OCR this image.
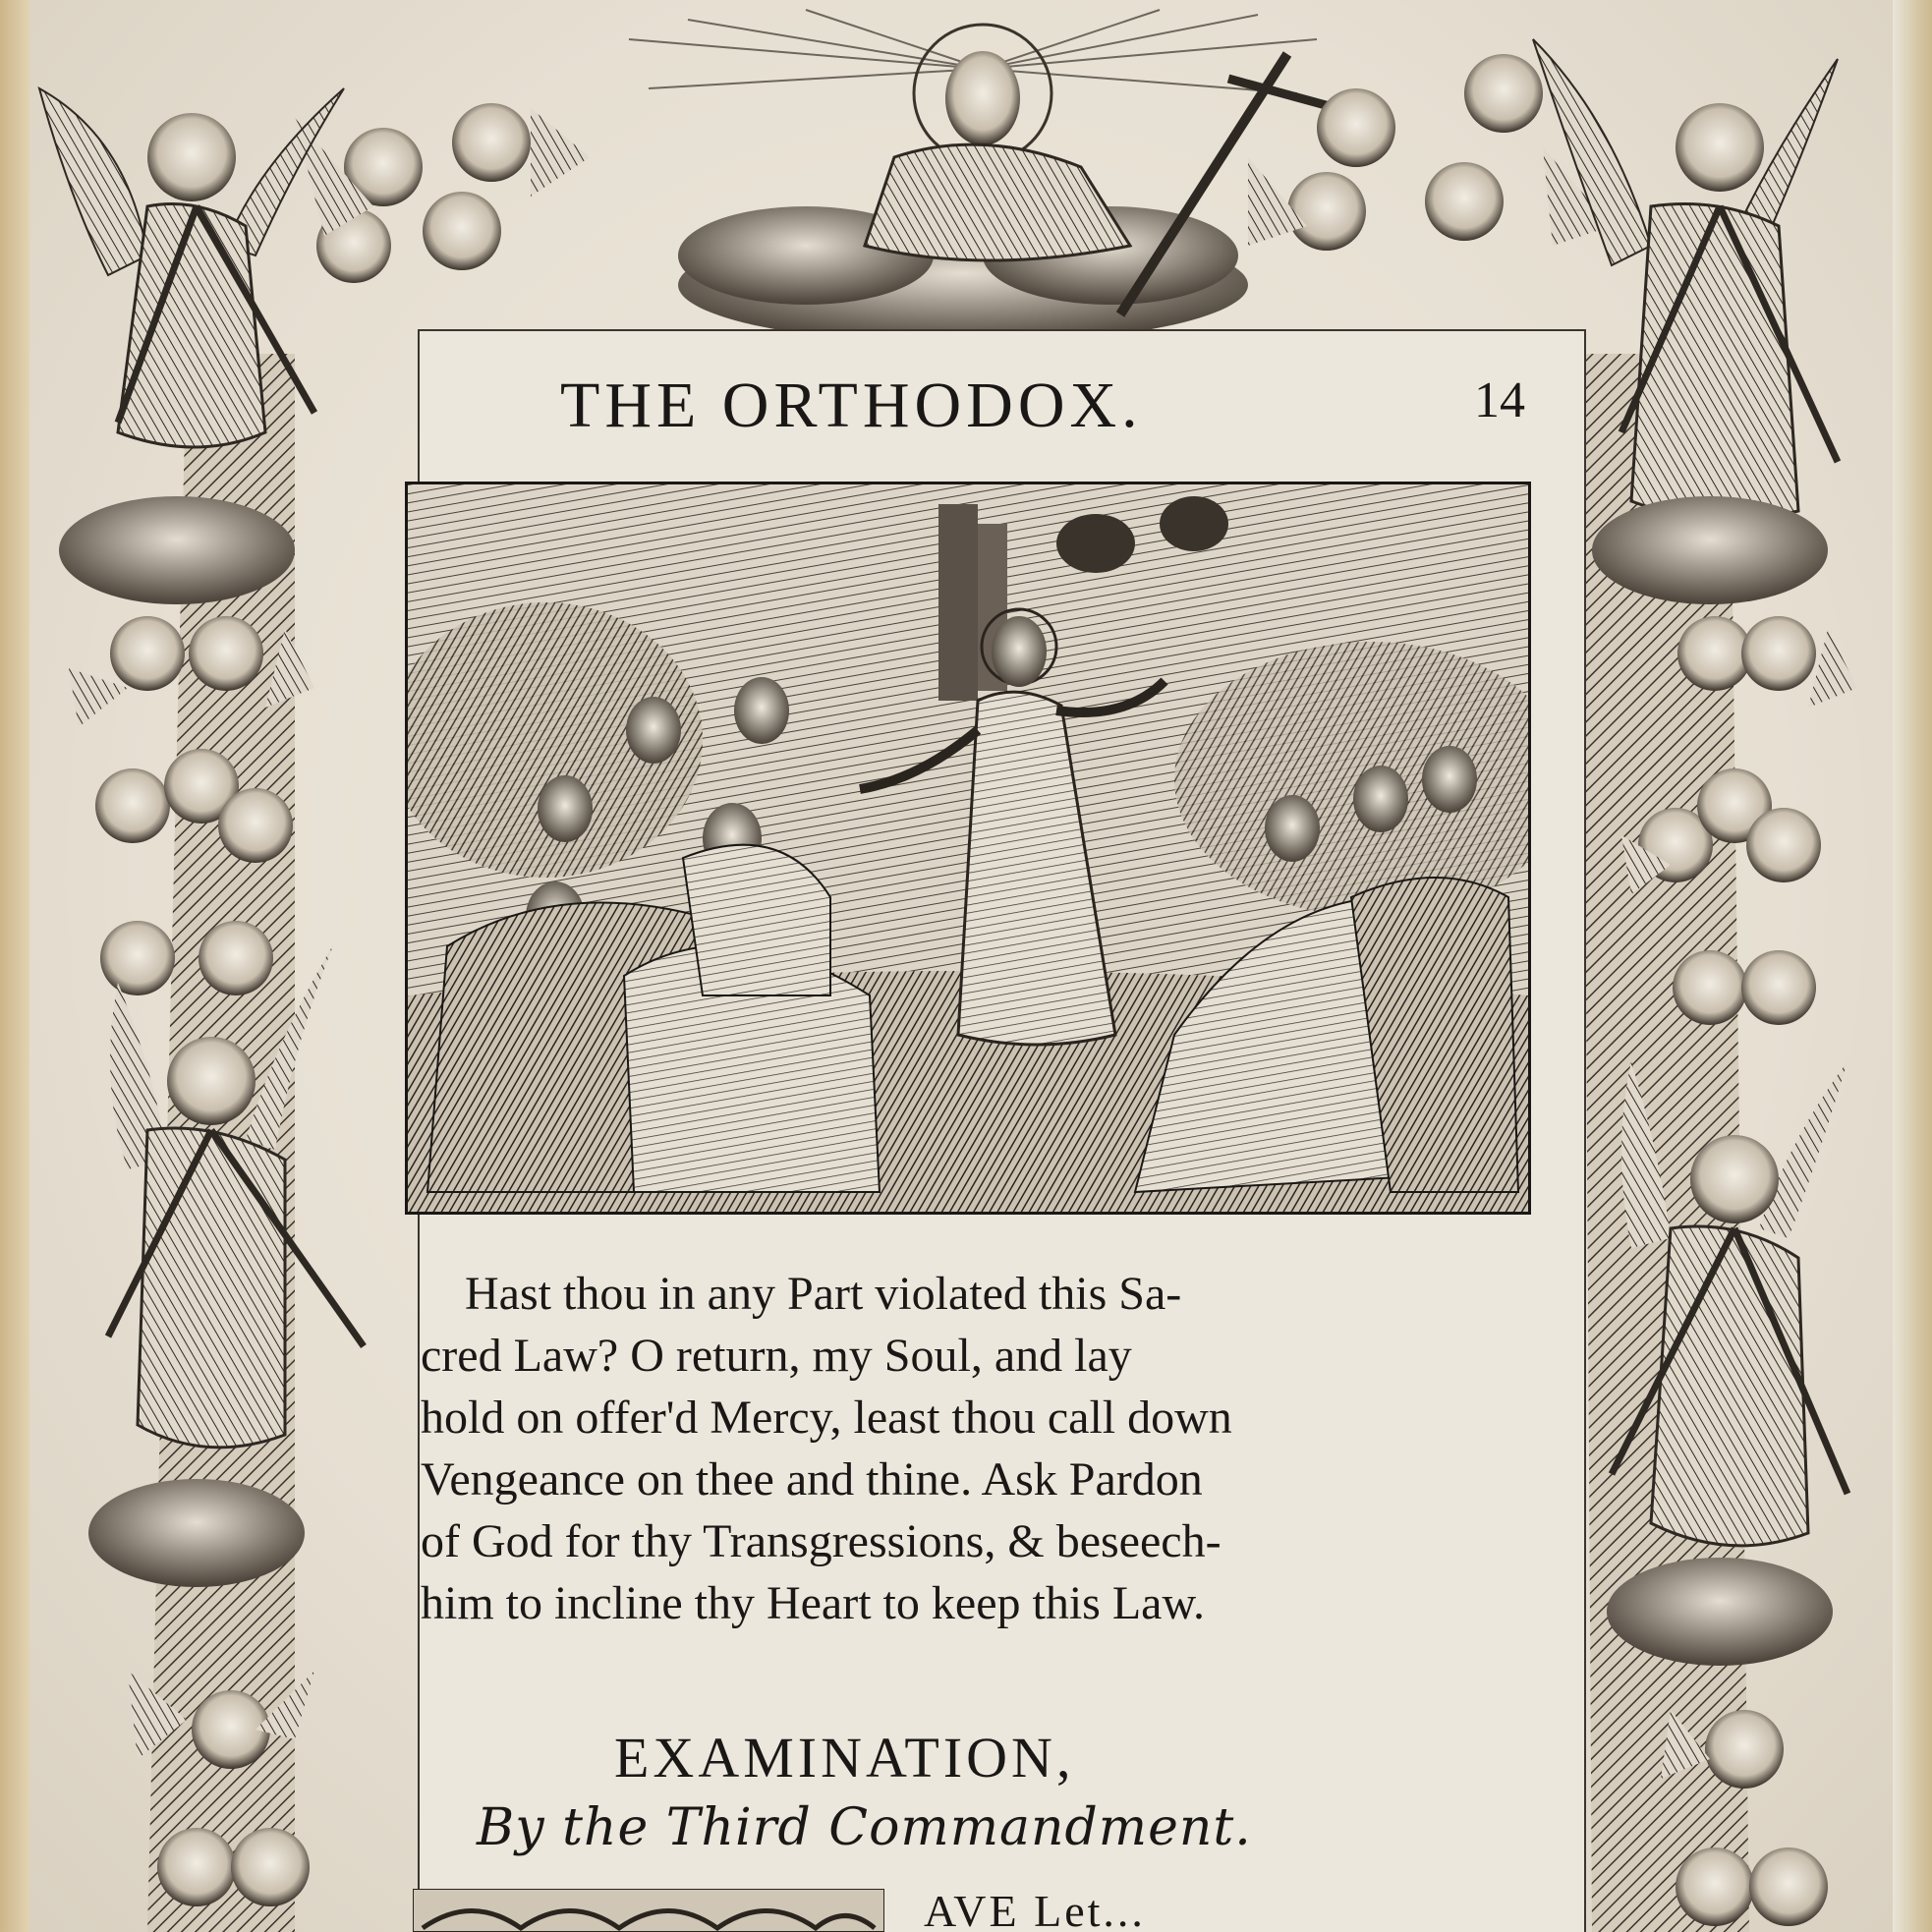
THE ORTHODOX.	14
Hast thou in any Part violated this Sa-
cred Law? O return, my Soul, and lay
hold on offer'd Mercy, least thou call down
Vengeance on thee and thine. Ask Pardon
of God for thy Transgressions, & beseech-
him to incline thy Heart to keep this Law.
EXAMINATION,
By the Third Commandment.
AVE Let...
